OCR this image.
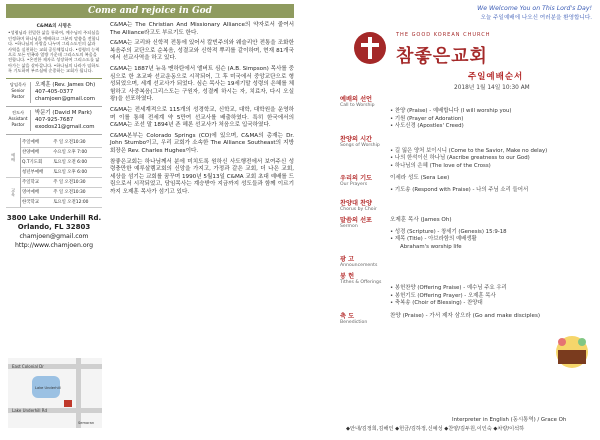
Come and rejoice in God
C&MA의 사명은
•성령님과 친밀한 삶을 통하여, 예수님의 주되심을 인정하며 하나님을 예배하고 그분의 말씀을 전합니다. •하나님의 사랑을 나누며 그리스도인의 삶과 사역을 실천하는 교회 공동체입니다. •성령의 능력으로 모든 민족과 열방 가운데 그리스도의 복음을 전합니다. •온전한 제자로 성장하여 그리스도를 닮아가는 삶을 살아갑니다. •하나님의 나라가 임하도록 기도하며 부르심에 순종하는 교회가 됩니다.
담임목사
Senior Pastor
오제훈 (Rev. James Oh)
407-405-0377
chamjoen@gmail.com
전도사
Assistant Pastor
박문기 (David M Park)
407-925-7687
exodos21@gmail.com
예배	주일예배	주 일 오전10:30
	찬양예배	수요일 오후 7:00
	Q.T기도회	토요일 오전 6:00
	청년부예배	토요일 오후 6:00
교육	주일학교	주 일 오전10:30
	영어예배	주 일 오전10:30
	한국학교	토요일 오전12:00
3800 Lake Underhill Rd.
Orlando, FL 32803
chamjoen@gmail.com
http://www.chamjoen.org
East Colonial Dr
Lake Underhill Rd
Lake Underhill
Semoran

C&MA는 The Christian And Missionary Alliance의 약자로서 줄여서 The Alliance라고도 부르기도 한다.

C&MA는 교리와 신학적 전통에 있어서 칼빈주의와 웨슬리안 전통을 조화한 복음주의 교단으로 순복음, 성결교와 신학적 뿌리를 같이하며, 현재 81개국에서 선교사역을 하고 있다.

C&MA는 1887년 뉴욕 맨하탄에서 앨버트 심슨 (A.B. Simpson) 목사를 중심으로 한 초교파 선교운동으로 시작되어, 그 후 미국에서 중앙교단으로 형성되었으며, 세계 선교사가 되었다. 심슨 목사는 19세기말 성령의 은혜를 체험하고 사중복음(그리스도는 구원자, 성결케 하시는 자, 치료자, 다시 오실 왕)을 선포하였다.

C&MA는 전세계적으로 115개의 성경학교, 신학교, 대학, 대학원을 운영하며 이를 통해 전세계 약 5만여 선교사를 배출하였다. 특히 한국에서의 C&MA는 조선 말 1894년 존 헤론 선교사가 처음으로 입국하였다.

C&MA본부는 Colorado Springs (CO)에 있으며, C&MA의 총재는 Dr. John Stumbo이고, 우리 교회가 소속한 The Alliance Southeast의 지방회장은 Rev. Charles Hughes이다.

참좋은교회는 하나님께서 분에 미치도록 원하신 사도행전에서 보여주신 성령충만한 예루살렘교회의 신앙을 가지고, 가정과 같은 교회, 더 나은 교회, 세상을 섬기는 교회를 꿈꾸며 1990년 5월13일 C&MA 교회 초대 예배를 드림으로서 시작되었고, 담임목사는 계승받아 지금까지 성도들과 함께 이르기까지 오제훈 목사가 섬기고 있다.

We Welcome You on This Lord's Day!
오늘 주일예배에 나오신 여러분을 환영합니다.
THE GOOD KOREAN CHURCH
참좋은교회
주일예배순서
2018년 1월 14일 10:30 AM
예배의 선언
Call to Worship
• 찬양 (Praise) - 예배합니다 (I will worship you)
• 기원 (Prayer of Adoration)
• 사도신경 (Apostles' Creed)
찬양의 시간
Songs of Worship
• 길 잃은 양처 보이시니 (Come to the Savior, Make no delay)
• 나의 한석이신 하나님 (Ascribe greatness to our God)
• 하나님의 은혜 (The love of the Cross)
우리의 기도	이세라 성도 (Sera Lee)
Our Prayers
• 기도송 (Respond with Praise) - 나의 주님 소리 들어서
찬양대 찬양
Chorus by Choir
말씀의 선포	오제훈 목사 (James Oh)
Sermon
• 성경 (Scripture) - 창세기 (Genesis) 15:9-18
• 제목 (Title) - 아브라함의 예배생활
Abraham's worship life
광 고
Announcements
봉 헌
Tithes & Offerings
• 봉헌찬양 (Offering Praise) - 예수님 주요 우리
• 봉헌기도 (Offering Prayer) - 오제훈 목사
• 축복송 (Choir of Blessing) - 찬양대
축 도	찬양 (Praise) - 가서 제자 삼으라 (Go and make disciples)
Benediction
Interpreter in English (동시통역) / Grace Oh
◆안내/김정희,김해인 ◆헌금/김하정,신예성 ◆찬양/김두원,이인숙 ◆차량/이석하
